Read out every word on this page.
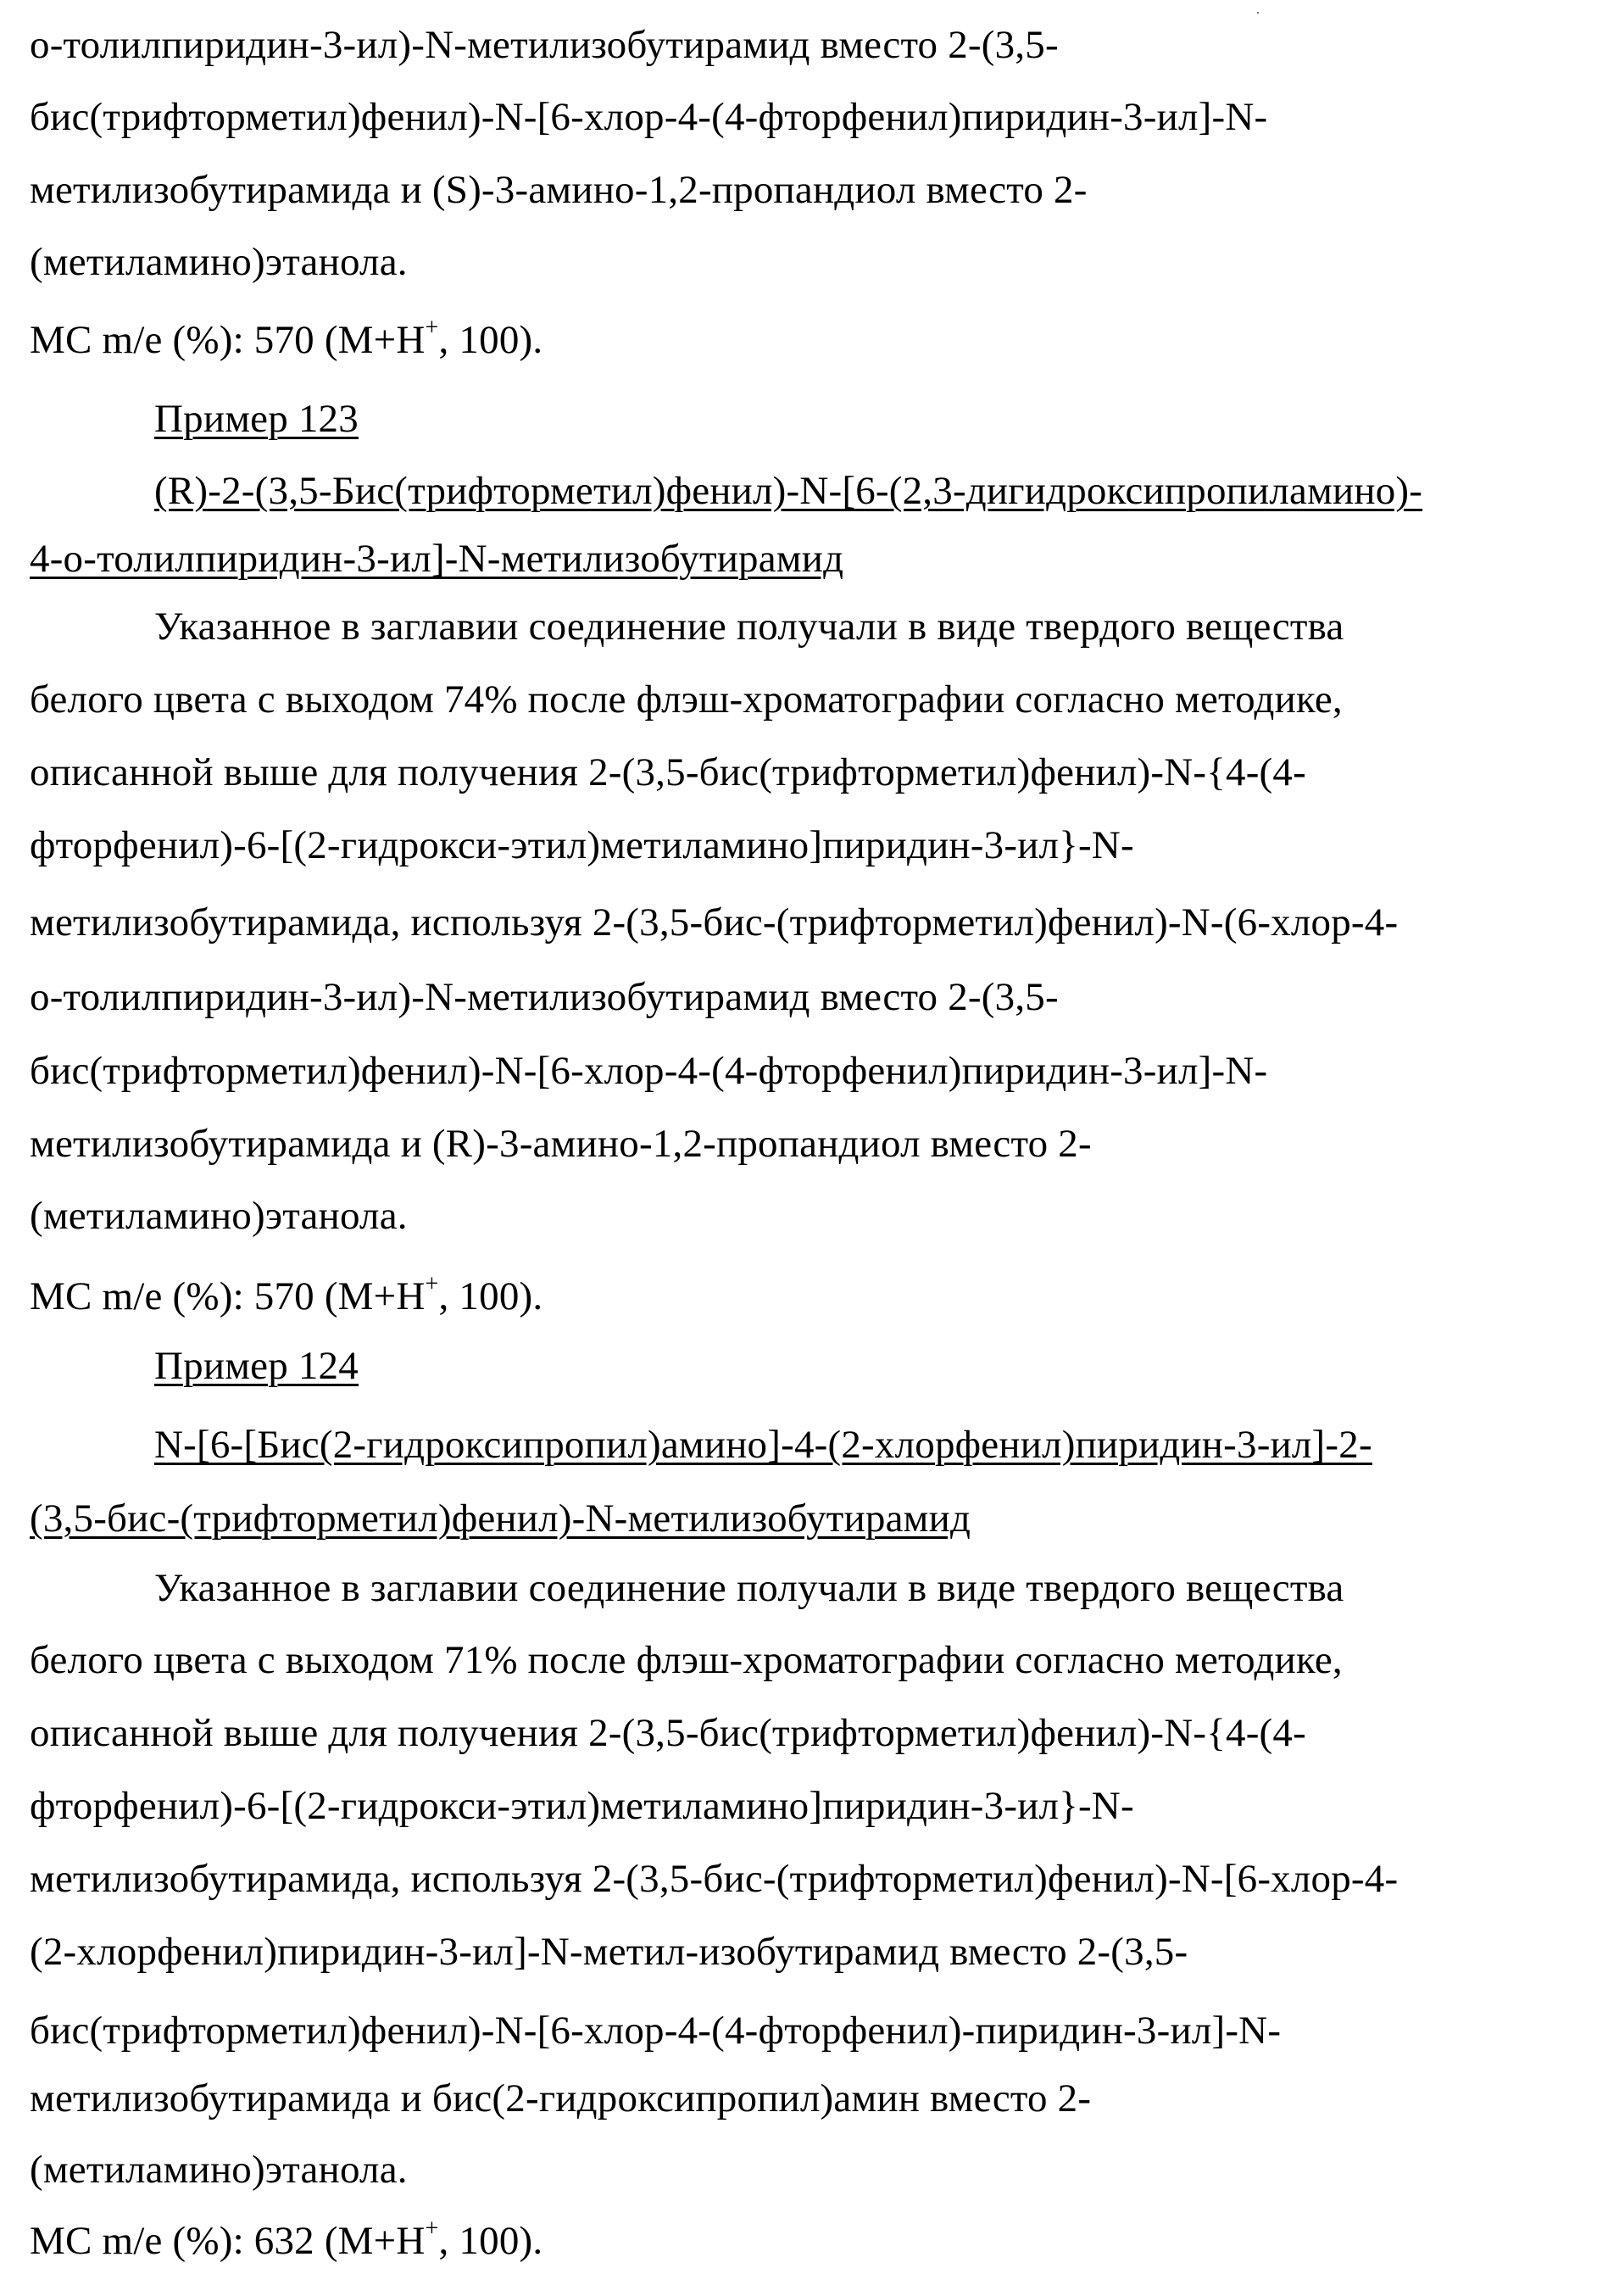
о-толилпиридин-3-ил)-N-метилизобутирамид вместо 2-(3,5-
бис(трифторметил)фенил)-N-[6-хлор-4-(4-фторфенил)пиридин-3-ил]-N-
метилизобутирамида и (S)-3-амино-1,2-пропандиол вместо 2-
(метиламино)этанола.
МС m/e (%): 570 (M+H+, 100).
Пример 123
(R)-2-(3,5-Бис(трифторметил)фенил)-N-[6-(2,3-дигидроксипропиламино)-
4-о-толилпиридин-3-ил]-N-метилизобутирамид
Указанное в заглавии соединение получали в виде твердого вещества
белого цвета с выходом 74% после флэш-хроматографии согласно методике,
описанной выше для получения 2-(3,5-бис(трифторметил)фенил)-N-{4-(4-
фторфенил)-6-[(2-гидрокси-этил)метиламино]пиридин-3-ил}-N-
метилизобутирамида, используя 2-(3,5-бис-(трифторметил)фенил)-N-(6-хлор-4-
о-толилпиридин-3-ил)-N-метилизобутирамид вместо 2-(3,5-
бис(трифторметил)фенил)-N-[6-хлор-4-(4-фторфенил)пиридин-3-ил]-N-
метилизобутирамида и (R)-3-амино-1,2-пропандиол вместо 2-
(метиламино)этанола.
МС m/e (%): 570 (M+H+, 100).
Пример 124
N-[6-[Бис(2-гидроксипропил)амино]-4-(2-хлорфенил)пиридин-3-ил]-2-
(3,5-бис-(трифторметил)фенил)-N-метилизобутирамид
Указанное в заглавии соединение получали в виде твердого вещества
белого цвета с выходом 71% после флэш-хроматографии согласно методике,
описанной выше для получения 2-(3,5-бис(трифторметил)фенил)-N-{4-(4-
фторфенил)-6-[(2-гидрокси-этил)метиламино]пиридин-3-ил}-N-
метилизобутирамида, используя 2-(3,5-бис-(трифторметил)фенил)-N-[6-хлор-4-
(2-хлорфенил)пиридин-3-ил]-N-метил-изобутирамид вместо 2-(3,5-
бис(трифторметил)фенил)-N-[6-хлор-4-(4-фторфенил)-пиридин-3-ил]-N-
метилизобутирамида и бис(2-гидроксипропил)амин вместо 2-
(метиламино)этанола.
МС m/e (%): 632 (M+H+, 100).
